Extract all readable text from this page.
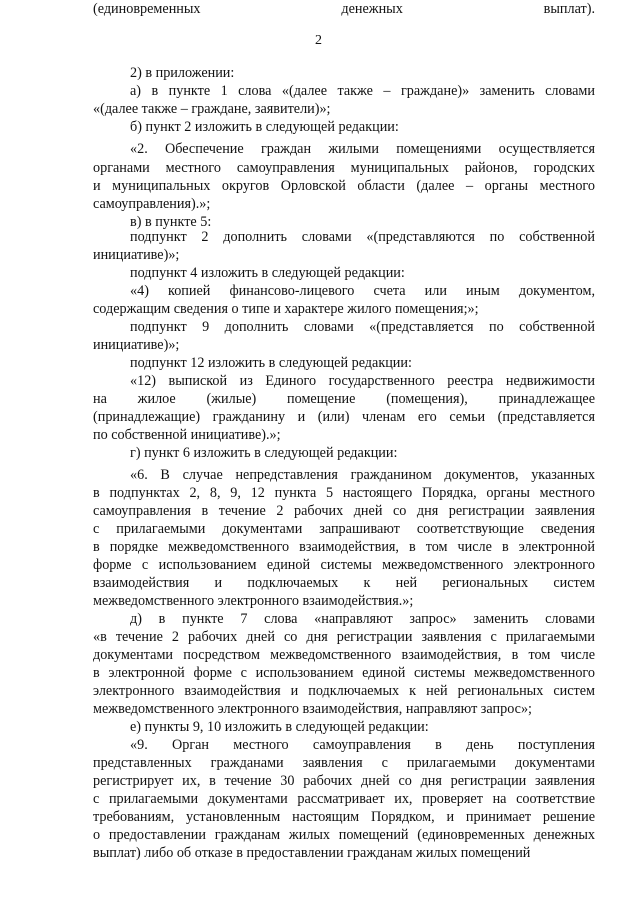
2
2) в приложении:
а) в пункте 1 слова «(далее также – граждане)» заменить словами
«(далее также – граждане, заявители)»;
б) пункт 2 изложить в следующей редакции:
«2. Обеспечение граждан жилыми помещениями осуществляется
органами местного самоуправления муниципальных районов, городских
и муниципальных округов Орловской области (далее – органы местного
самоуправления).»;
в) в пункте 5:
подпункт 2 дополнить словами «(представляются по собственной
инициативе)»;
подпункт 4 изложить в следующей редакции:
«4) копией финансово-лицевого счета или иным документом,
содержащим сведения о типе и характере жилого помещения;»;
подпункт 9 дополнить словами «(представляется по собственной
инициативе)»;
подпункт 12 изложить в следующей редакции:
«12) выпиской из Единого государственного реестра недвижимости
на жилое (жилые) помещение (помещения), принадлежащее
(принадлежащие) гражданину и (или) членам его семьи (представляется
по собственной инициативе).»;
г) пункт 6 изложить в следующей редакции:
«6. В случае непредставления гражданином документов, указанных
в подпунктах 2, 8, 9, 12 пункта 5 настоящего Порядка, органы местного
самоуправления в течение 2 рабочих дней со дня регистрации заявления
с прилагаемыми документами запрашивают соответствующие сведения
в порядке межведомственного взаимодействия, в том числе в электронной
форме с использованием единой системы межведомственного электронного
взаимодействия и подключаемых к ней региональных систем
межведомственного электронного взаимодействия.»;
д) в пункте 7 слова «направляют запрос» заменить словами
«в течение 2 рабочих дней со дня регистрации заявления с прилагаемыми
документами посредством межведомственного взаимодействия, в том числе
в электронной форме с использованием единой системы межведомственного
электронного взаимодействия и подключаемых к ней региональных систем
межведомственного электронного взаимодействия, направляют запрос»;
е) пункты 9, 10 изложить в следующей редакции:
«9. Орган местного самоуправления в день поступления
представленных гражданами заявления с прилагаемыми документами
регистрирует их, в течение 30 рабочих дней со дня регистрации заявления
с прилагаемыми документами рассматривает их, проверяет на соответствие
требованиям, установленным настоящим Порядком, и принимает решение
о предоставлении гражданам жилых помещений (единовременных денежных
выплат) либо об отказе в предоставлении гражданам жилых помещений
(единовременных денежных выплат).
